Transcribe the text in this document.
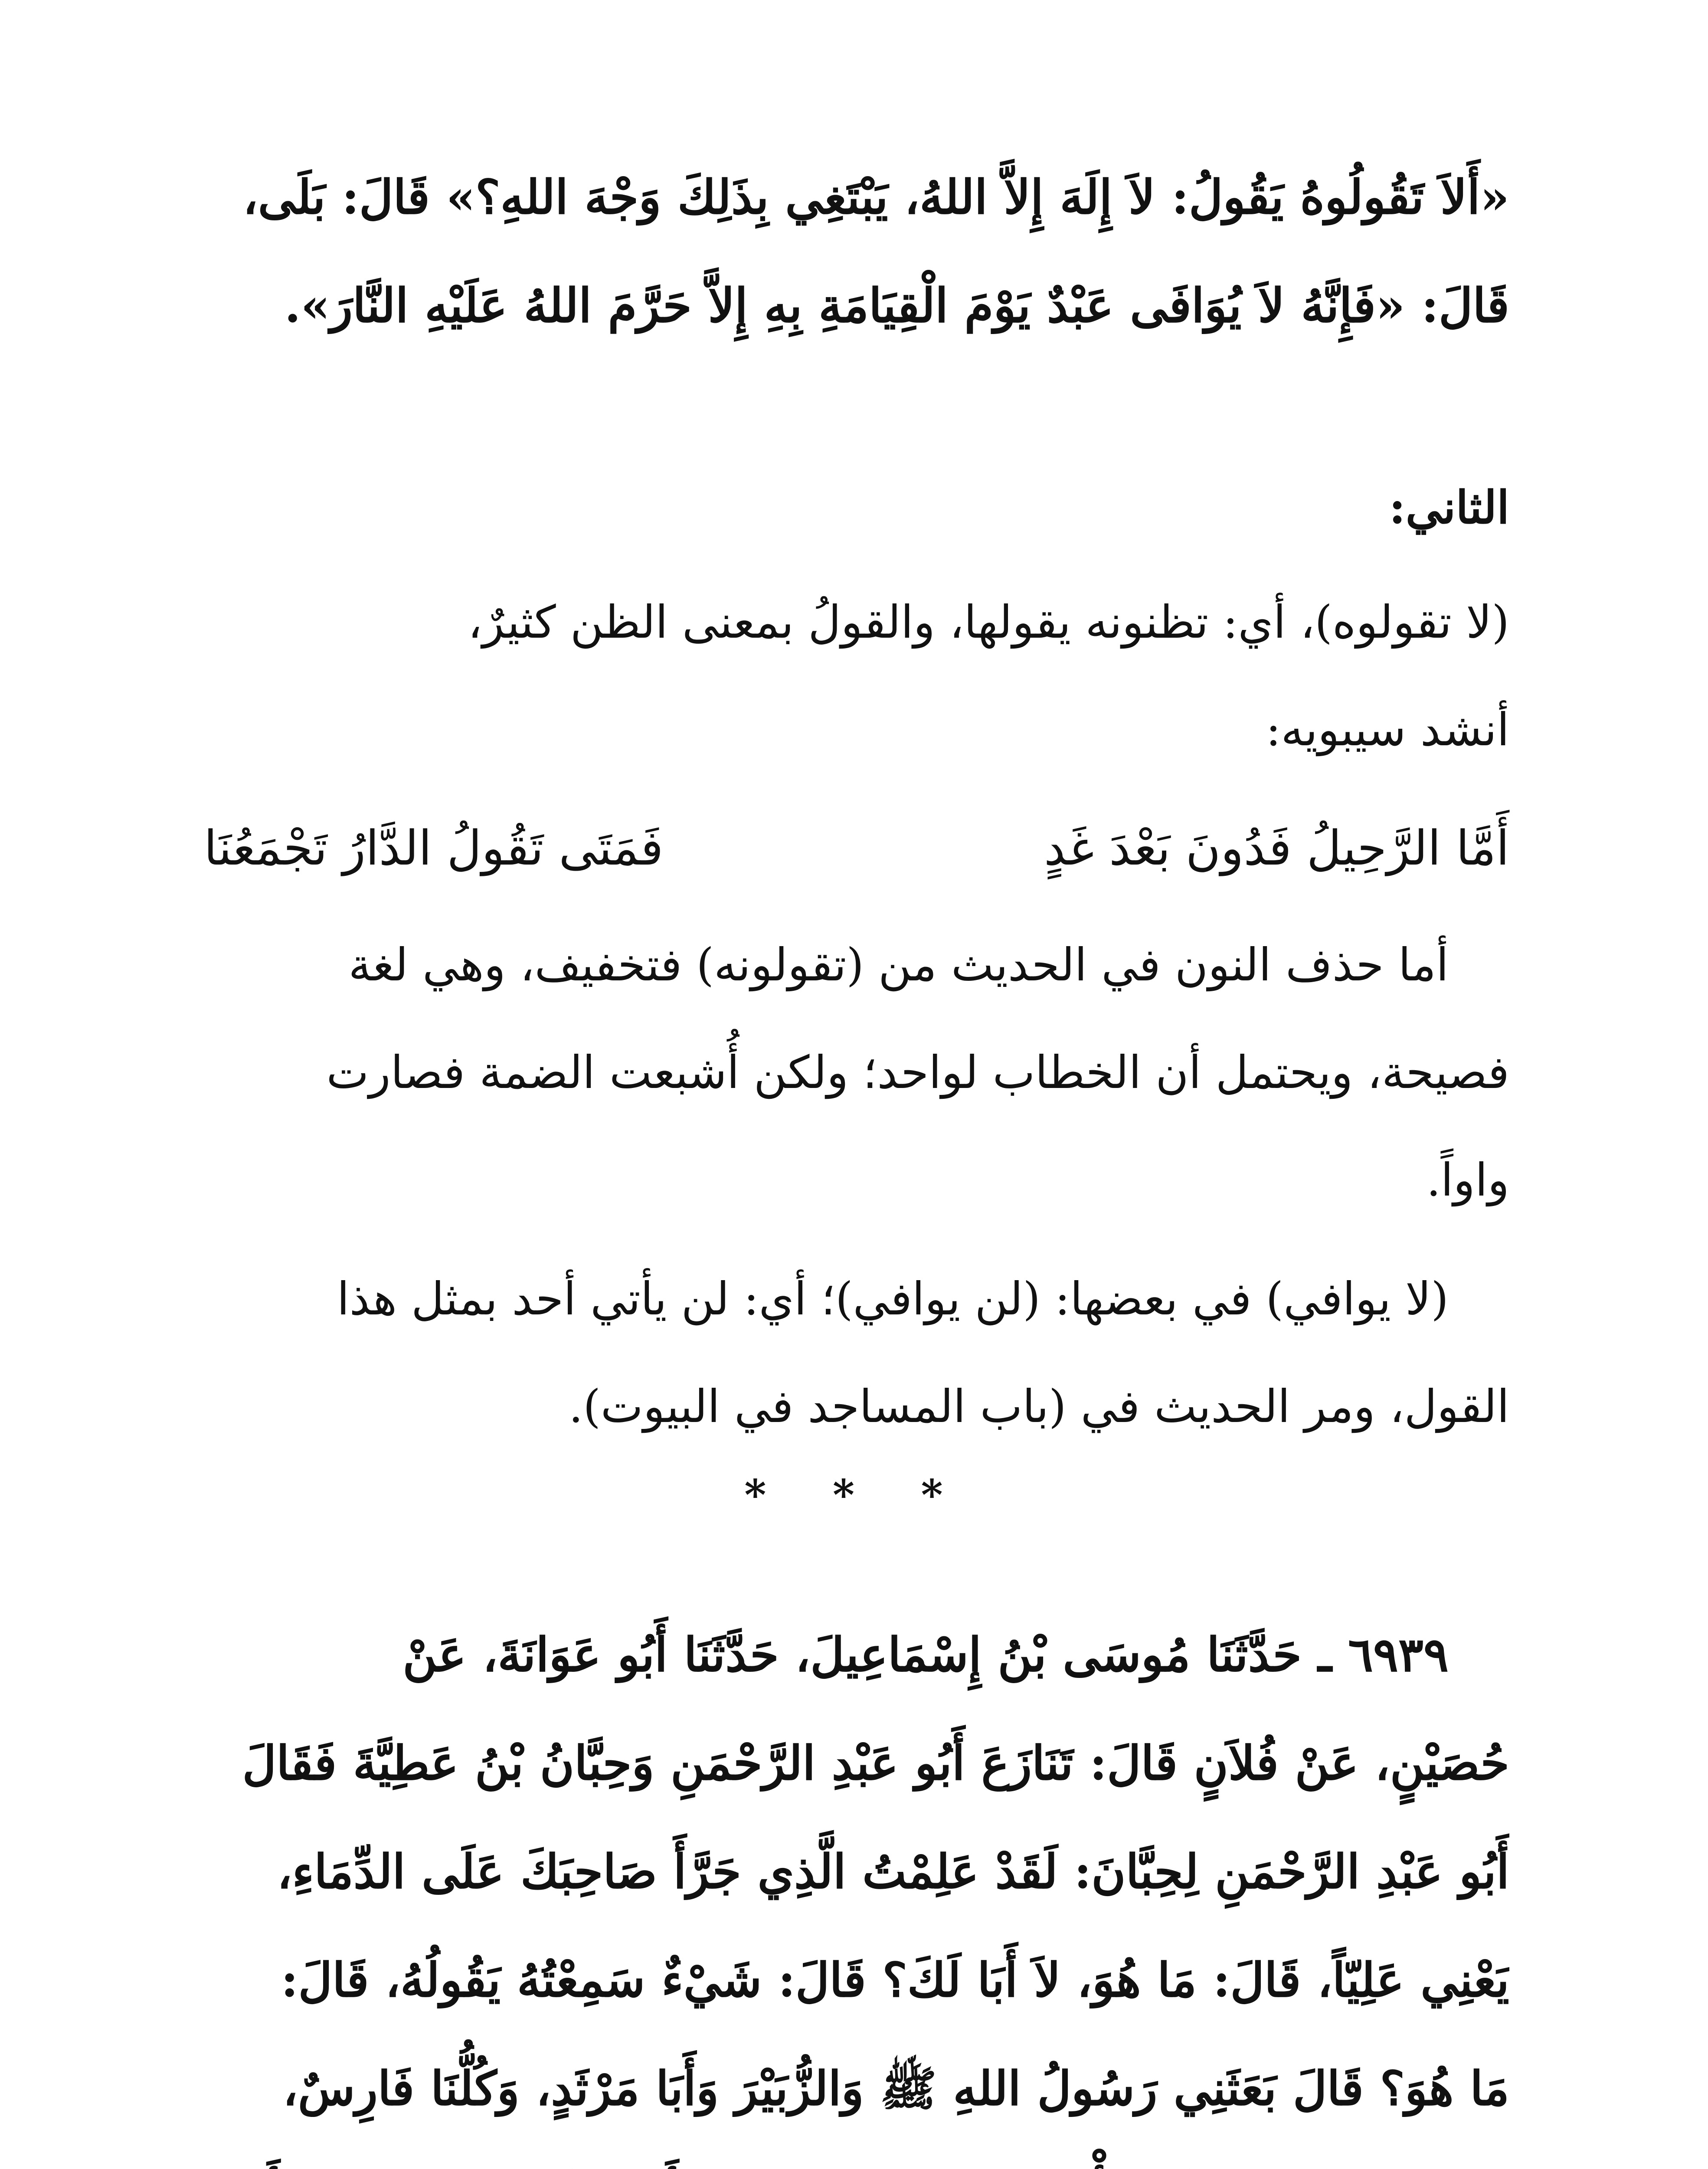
«أَلاَ تَقُولُوهُ يَقُولُ: لاَ إِلَهَ إِلاَّ اللهُ، يَبْتَغِي بِذَلِكَ وَجْهَ اللهِ؟» قَالَ: بَلَى،
قَالَ: «فَإِنَّهُ لاَ يُوَافَى عَبْدٌ يَوْمَ الْقِيَامَةِ بِهِ إِلاَّ حَرَّمَ اللهُ عَلَيْهِ النَّارَ».
الثاني:
(لا تقولوه)، أي: تظنونه يقولها، والقولُ بمعنى الظن كثيرٌ،
أنشد سيبويه:
أَمَّا الرَّحِيلُ فَدُونَ بَعْدَ غَدٍ
فَمَتَى تَقُولُ الدَّارُ تَجْمَعُنَا
أما حذف النون في الحديث من (تقولونه) فتخفيف، وهي لغة
فصيحة، ويحتمل أن الخطاب لواحد؛ ولكن أُشبعت الضمة فصارت
واواً.
(لا يوافي) في بعضها: (لن يوافي)؛ أي: لن يأتي أحد بمثل هذا
القول، ومر الحديث في (باب المساجد في البيوت).
* * *
٦٩٣٩ ـ حَدَّثَنَا مُوسَى بْنُ إِسْمَاعِيلَ، حَدَّثَنَا أَبُو عَوَانَةَ، عَنْ
حُصَيْنٍ، عَنْ فُلاَنٍ قَالَ: تَنَازَعَ أَبُو عَبْدِ الرَّحْمَنِ وَحِبَّانُ بْنُ عَطِيَّةَ فَقَالَ
أَبُو عَبْدِ الرَّحْمَنِ لِحِبَّانَ: لَقَدْ عَلِمْتُ الَّذِي جَرَّأَ صَاحِبَكَ عَلَى الدِّمَاءِ،
يَعْنِي عَلِيّاً، قَالَ: مَا هُوَ، لاَ أَبَا لَكَ؟ قَالَ: شَيْءٌ سَمِعْتُهُ يَقُولُهُ، قَالَ:
مَا هُوَ؟ قَالَ بَعَثَنِي رَسُولُ اللهِ ﷺ وَالزُّبَيْرَ وَأَبَا مَرْثَدٍ، وَكُلُّنَا فَارِسٌ،
